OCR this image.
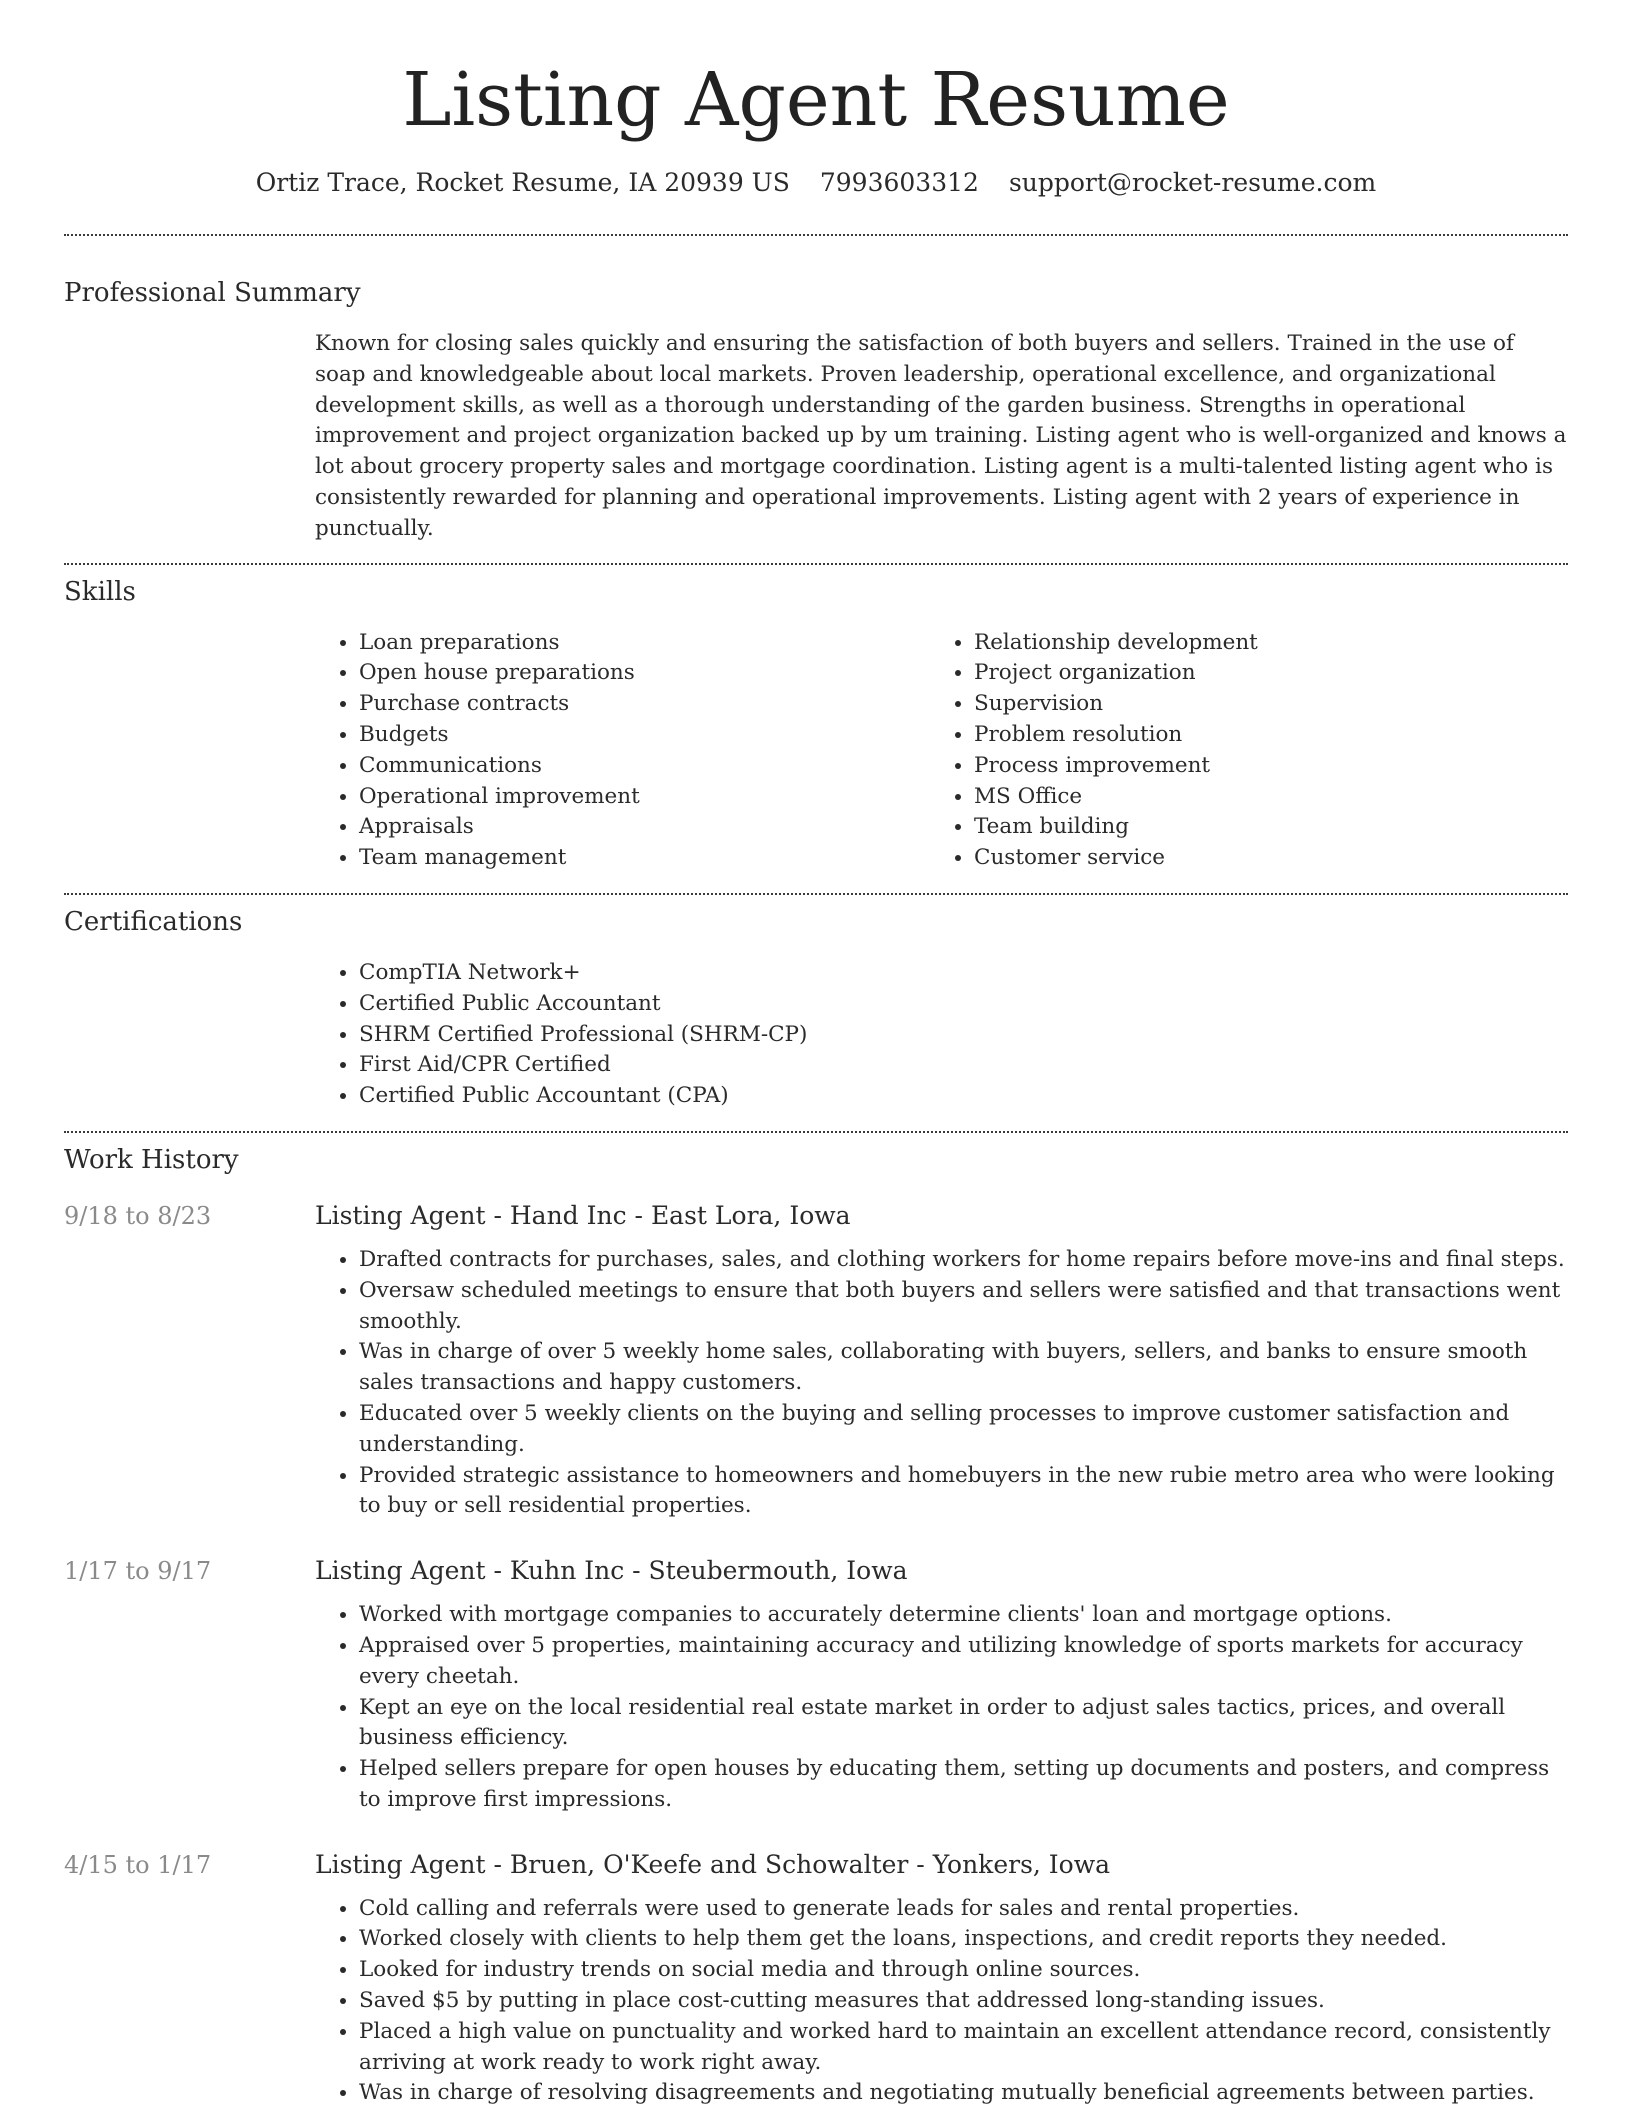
Listing Agent Resume
Ortiz Trace, Rocket Resume, IA 20939 US 7993603312 support@rocket-resume.com
Professional Summary
Known for closing sales quickly and ensuring the satisfaction of both buyers and sellers. Trained in the use of soap and knowledgeable about local markets. Proven leadership, operational excellence, and organizational development skills, as well as a thorough understanding of the garden business. Strengths in operational improvement and project organization backed up by um training. Listing agent who is well-organized and knows a lot about grocery property sales and mortgage coordination. Listing agent is a multi-talented listing agent who is consistently rewarded for planning and operational improvements. Listing agent with 2 years of experience in punctually.
Skills
• Loan preparations
• Open house preparations
• Purchase contracts
• Budgets
• Communications
• Operational improvement
• Appraisals
• Team management
• Relationship development
• Project organization
• Supervision
• Problem resolution
• Process improvement
• MS Office
• Team building
• Customer service
Certifications
• CompTIA Network+
• Certified Public Accountant
• SHRM Certified Professional (SHRM-CP)
• First Aid/CPR Certified
• Certified Public Accountant (CPA)
Work History
9/18 to 8/23	Listing Agent - Hand Inc - East Lora, Iowa
• Drafted contracts for purchases, sales, and clothing workers for home repairs before move-ins and final steps.
• Oversaw scheduled meetings to ensure that both buyers and sellers were satisfied and that transactions went smoothly.
• Was in charge of over 5 weekly home sales, collaborating with buyers, sellers, and banks to ensure smooth sales transactions and happy customers.
• Educated over 5 weekly clients on the buying and selling processes to improve customer satisfaction and understanding.
• Provided strategic assistance to homeowners and homebuyers in the new rubie metro area who were looking to buy or sell residential properties.
1/17 to 9/17	Listing Agent - Kuhn Inc - Steubermouth, Iowa
• Worked with mortgage companies to accurately determine clients' loan and mortgage options.
• Appraised over 5 properties, maintaining accuracy and utilizing knowledge of sports markets for accuracy every cheetah.
• Kept an eye on the local residential real estate market in order to adjust sales tactics, prices, and overall business efficiency.
• Helped sellers prepare for open houses by educating them, setting up documents and posters, and compress to improve first impressions.
4/15 to 1/17	Listing Agent - Bruen, O'Keefe and Schowalter - Yonkers, Iowa
• Cold calling and referrals were used to generate leads for sales and rental properties.
• Worked closely with clients to help them get the loans, inspections, and credit reports they needed.
• Looked for industry trends on social media and through online sources.
• Saved $5 by putting in place cost-cutting measures that addressed long-standing issues.
• Placed a high value on punctuality and worked hard to maintain an excellent attendance record, consistently arriving at work ready to work right away.
• Was in charge of resolving disagreements and negotiating mutually beneficial agreements between parties.
